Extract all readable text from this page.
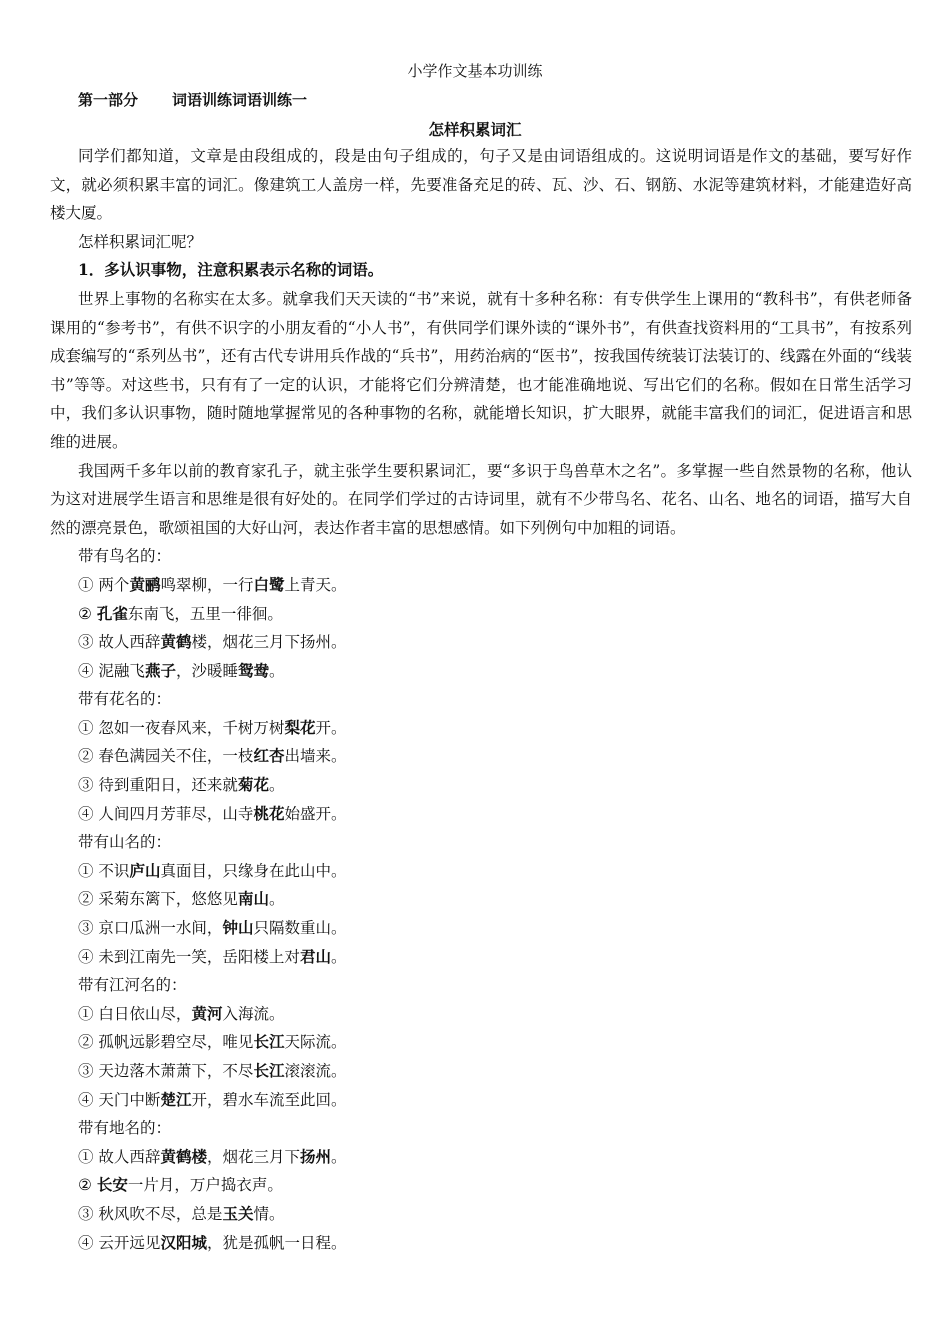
小学作文基本功训练
第一部分 词语训练词语训练一
怎样积累词汇

同学们都知道，文章是由段组成的，段是由句子组成的，句子又是由词语组成的。这说明词语是作文的基础，要写好作文，就必须积累丰富的词汇。像建筑工人盖房一样，先要准备充足的砖、瓦、沙、石、钢筋、水泥等建筑材料，才能建造好高楼大厦。

怎样积累词汇呢？

1．多认识事物，注意积累表示名称的词语。

世界上事物的名称实在太多。就拿我们天天读的“书”来说，就有十多种名称：有专供学生上课用的“教科书”，有供老师备课用的“参考书”，有供不识字的小朋友看的“小人书”，有供同学们课外读的“课外书”，有供查找资料用的“工具书”，有按系列成套编写的“系列丛书”，还有古代专讲用兵作战的“兵书”，用药治病的“医书”，按我国传统装订法装订的、线露在外面的“线装书”等等。对这些书，只有有了一定的认识，才能将它们分辨清楚，也才能准确地说、写出它们的名称。假如在日常生活学习中，我们多认识事物，随时随地掌握常见的各种事物的名称，就能增长知识，扩大眼界，就能丰富我们的词汇，促进语言和思维的进展。

我国两千多年以前的教育家孔子，就主张学生要积累词汇，要“多识于鸟兽草木之名”。多掌握一些自然景物的名称，他认为这对进展学生语言和思维是很有好处的。在同学们学过的古诗词里，就有不少带鸟名、花名、山名、地名的词语，描写大自然的漂亮景色，歌颂祖国的大好山河，表达作者丰富的思想感情。如下列例句中加粗的词语。

带有鸟名的：

① 两个黄鹂鸣翠柳，一行白鹭上青天。

② 孔雀东南飞，五里一徘徊。

③ 故人西辞黄鹤楼，烟花三月下扬州。

④ 泥融飞燕子，沙暖睡鸳鸯。

带有花名的：

① 忽如一夜春风来，千树万树梨花开。

② 春色满园关不住，一枝红杏出墙来。

③ 待到重阳日，还来就菊花。

④ 人间四月芳菲尽，山寺桃花始盛开。

带有山名的：

① 不识庐山真面目，只缘身在此山中。

② 采菊东篱下，悠悠见南山。

③ 京口瓜洲一水间，钟山只隔数重山。

④ 未到江南先一笑，岳阳楼上对君山。

带有江河名的：

① 白日依山尽，黄河入海流。

② 孤帆远影碧空尽，唯见长江天际流。

③ 天边落木萧萧下，不尽长江滚滚流。

④ 天门中断楚江开，碧水车流至此回。

带有地名的：

① 故人西辞黄鹤楼，烟花三月下扬州。

② 长安一片月，万户捣衣声。

③ 秋风吹不尽，总是玉关情。

④ 云开远见汉阳城，犹是孤帆一日程。
